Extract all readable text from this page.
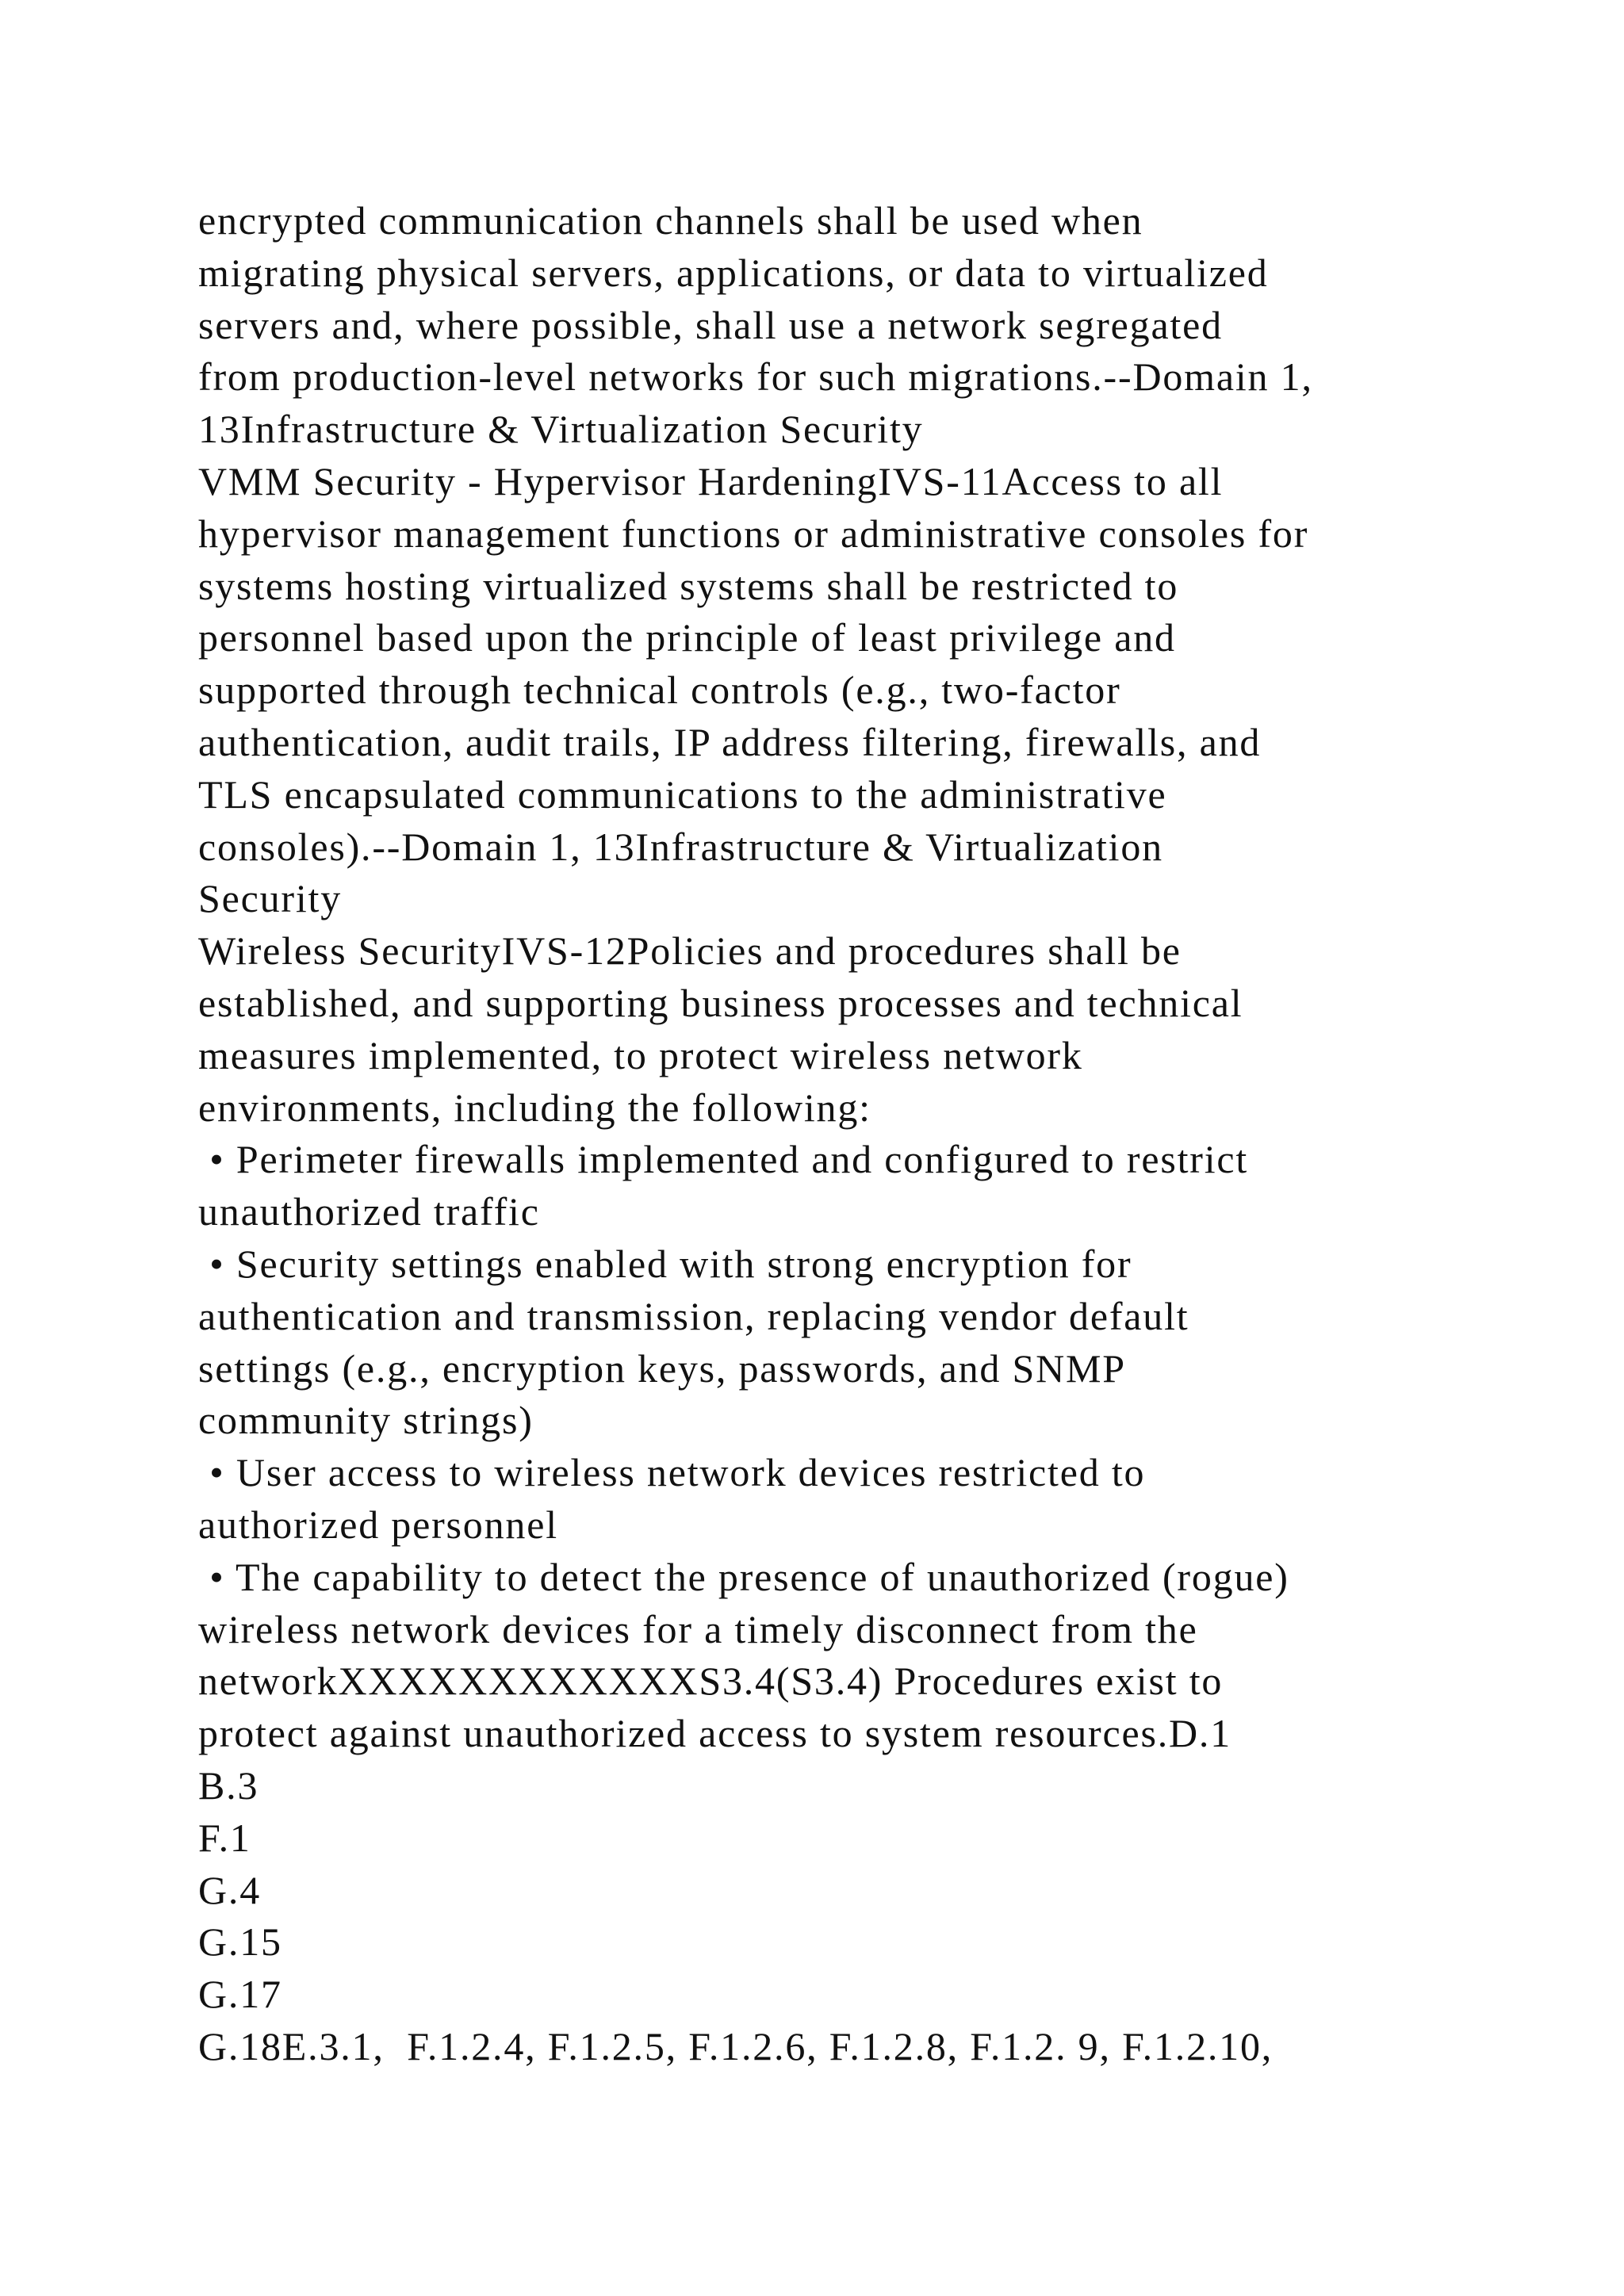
encrypted communication channels shall be used when
migrating physical servers, applications, or data to virtualized
servers and, where possible, shall use a network segregated
from production-level networks for such migrations.--Domain 1,
13Infrastructure & Virtualization Security
VMM Security - Hypervisor HardeningIVS-11Access to all
hypervisor management functions or administrative consoles for
systems hosting virtualized systems shall be restricted to
personnel based upon the principle of least privilege and
supported through technical controls (e.g., two-factor
authentication, audit trails, IP address filtering, firewalls, and
TLS encapsulated communications to the administrative
consoles).--Domain 1, 13Infrastructure & Virtualization
Security
Wireless SecurityIVS-12Policies and procedures shall be
established, and supporting business processes and technical
measures implemented, to protect wireless network
environments, including the following:
• Perimeter firewalls implemented and configured to restrict
unauthorized traffic
• Security settings enabled with strong encryption for
authentication and transmission, replacing vendor default
settings (e.g., encryption keys, passwords, and SNMP
community strings)
• User access to wireless network devices restricted to
authorized personnel
• The capability to detect the presence of unauthorized (rogue)
wireless network devices for a timely disconnect from the
networkXXXXXXXXXXXXS3.4(S3.4) Procedures exist to
protect against unauthorized access to system resources.D.1
B.3
F.1
G.4
G.15
G.17
G.18E.3.1,  F.1.2.4, F.1.2.5, F.1.2.6, F.1.2.8, F.1.2. 9, F.1.2.10,
